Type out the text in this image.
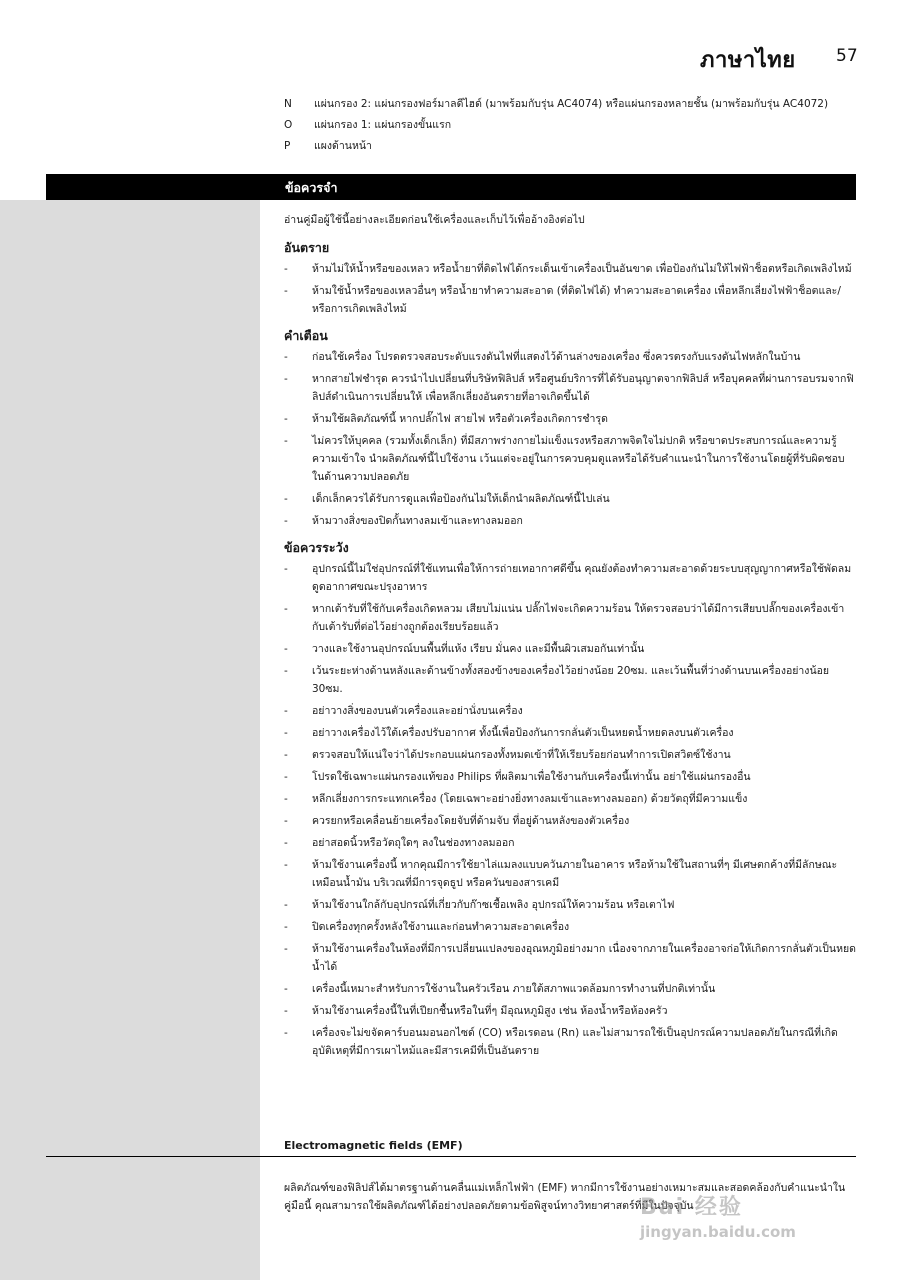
ภาษาไทย 57
N	แผ่นกรอง 2: แผ่นกรองฟอร์มาลดีไฮด์ (มาพร้อมกับรุ่น AC4074) หรือแผ่นกรองหลายชั้น (มาพร้อมกับรุ่น AC4072)
O	แผ่นกรอง 1: แผ่นกรองขั้นแรก
P	แผงด้านหน้า
ข้อควรจำ

อ่านคู่มือผู้ใช้นี้อย่างละเอียดก่อนใช้เครื่องและเก็บไว้เพื่ออ้างอิงต่อไป

อันตราย
- ห้ามไม่ให้น้ำหรือของเหลว หรือน้ำยาที่ติดไฟได้กระเด็นเข้าเครื่องเป็นอันขาด เพื่อป้องกันไม่ให้ไฟฟ้าช็อตหรือเกิดเพลิงไหม้
- ห้ามใช้น้ำหรือของเหลวอื่นๆ หรือน้ำยาทำความสะอาด (ที่ติดไฟได้) ทำความสะอาดเครื่อง เพื่อหลีกเลี่ยงไฟฟ้าช็อตและ/หรือการเกิดเพลิงไหม้
คำเตือน
- ก่อนใช้เครื่อง โปรดตรวจสอบระดับแรงดันไฟที่แสดงไว้ด้านล่างของเครื่อง ซึ่งควรตรงกับแรงดันไฟหลักในบ้าน
- หากสายไฟชำรุด ควรนำไปเปลี่ยนที่บริษัทฟิลิปส์ หรือศูนย์บริการที่ได้รับอนุญาตจากฟิลิปส์ หรือบุคคลที่ผ่านการอบรมจากฟิลิปส์ดำเนินการเปลี่ยนให้ เพื่อหลีกเลี่ยงอันตรายที่อาจเกิดขึ้นได้
- ห้ามใช้ผลิตภัณฑ์นี้ หากปลั๊กไฟ สายไฟ หรือตัวเครื่องเกิดการชำรุด
- ไม่ควรให้บุคคล (รวมทั้งเด็กเล็ก) ที่มีสภาพร่างกายไม่แข็งแรงหรือสภาพจิตใจไม่ปกติ หรือขาดประสบการณ์และความรู้ความเข้าใจ นำผลิตภัณฑ์นี้ไปใช้งาน เว้นแต่จะอยู่ในการควบคุมดูแลหรือได้รับคำแนะนำในการใช้งานโดยผู้ที่รับผิดชอบในด้านความปลอดภัย
- เด็กเล็กควรได้รับการดูแลเพื่อป้องกันไม่ให้เด็กนำผลิตภัณฑ์นี้ไปเล่น
- ห้ามวางสิ่งของปิดกั้นทางลมเข้าและทางลมออก
ข้อควรระวัง
- อุปกรณ์นี้ไม่ใช่อุปกรณ์ที่ใช้แทนเพื่อให้การถ่ายเทอากาศดีขึ้น คุณยังต้องทำความสะอาดด้วยระบบสุญญากาศหรือใช้พัดลมดูดอากาศขณะปรุงอาหาร
- หากเต้ารับที่ใช้กับเครื่องเกิดหลวม เสียบไม่แน่น ปลั๊กไฟจะเกิดความร้อน ให้ตรวจสอบว่าได้มีการเสียบปลั๊กของเครื่องเข้ากับเต้ารับที่ต่อไว้อย่างถูกต้องเรียบร้อยแล้ว
- วางและใช้งานอุปกรณ์บนพื้นที่แห้ง เรียบ มั่นคง และมีพื้นผิวเสมอกันเท่านั้น
- เว้นระยะห่างด้านหลังและด้านข้างทั้งสองข้างของเครื่องไว้อย่างน้อย 20ซม. และเว้นพื้นที่ว่างด้านบนเครื่องอย่างน้อย 30ซม.
- อย่าวางสิ่งของบนตัวเครื่องและอย่านั่งบนเครื่อง
- อย่าวางเครื่องไว้ใต้เครื่องปรับอากาศ ทั้งนี้เพื่อป้องกันการกลั่นตัวเป็นหยดน้ำหยดลงบนตัวเครื่อง
- ตรวจสอบให้แน่ใจว่าได้ประกอบแผ่นกรองทั้งหมดเข้าที่ให้เรียบร้อยก่อนทำการเปิดสวิตซ์ใช้งาน
- โปรดใช้เฉพาะแผ่นกรองแท้ของ Philips ที่ผลิตมาเพื่อใช้งานกับเครื่องนี้เท่านั้น อย่าใช้แผ่นกรองอื่น
- หลีกเลี่ยงการกระแทกเครื่อง (โดยเฉพาะอย่างยิ่งทางลมเข้าและทางลมออก) ด้วยวัตถุที่มีความแข็ง
- ควรยกหรือเคลื่อนย้ายเครื่องโดยจับที่ด้ามจับ ที่อยู่ด้านหลังของตัวเครื่อง
- อย่าสอดนิ้วหรือวัตถุใดๆ ลงในช่องทางลมออก
- ห้ามใช้งานเครื่องนี้ หากคุณมีการใช้ยาไล่แมลงแบบควันภายในอาคาร หรือห้ามใช้ในสถานที่ๆ มีเศษตกค้างที่มีลักษณะเหมือนน้ำมัน บริเวณที่มีการจุดธูป หรือควันของสารเคมี
- ห้ามใช้งานใกล้กับอุปกรณ์ที่เกี่ยวกับก๊าซเชื้อเพลิง อุปกรณ์ให้ความร้อน หรือเตาไฟ
- ปิดเครื่องทุกครั้งหลังใช้งานและก่อนทำความสะอาดเครื่อง
- ห้ามใช้งานเครื่องในห้องที่มีการเปลี่ยนแปลงของอุณหภูมิอย่างมาก เนื่องจากภายในเครื่องอาจก่อให้เกิดการกลั่นตัวเป็นหยดน้ำได้
- เครื่องนี้เหมาะสำหรับการใช้งานในครัวเรือน ภายใต้สภาพแวดล้อมการทำงานที่ปกติเท่านั้น
- ห้ามใช้งานเครื่องนี้ในที่เปียกชื้นหรือในที่ๆ มีอุณหภูมิสูง เช่น ห้องน้ำหรือห้องครัว
- เครื่องจะไม่ขจัดคาร์บอนมอนอกไซด์ (CO) หรือเรดอน (Rn) และไม่สามารถใช้เป็นอุปกรณ์ความปลอดภัยในกรณีที่เกิดอุบัติเหตุที่มีการเผาไหม้และมีสารเคมีที่เป็นอันตราย
Electromagnetic fields (EMF)

ผลิตภัณฑ์ของฟิลิปส์ได้มาตรฐานด้านคลื่นแม่เหล็กไฟฟ้า (EMF) หากมีการใช้งานอย่างเหมาะสมและสอดคล้องกับคำแนะนำในคู่มือนี้ คุณสามารถใช้ผลิตภัณฑ์ได้อย่างปลอดภัยตามข้อพิสูจน์ทางวิทยาศาสตร์ที่มีในปัจจุบัน

Bai 经验
jingyan.baidu.com
